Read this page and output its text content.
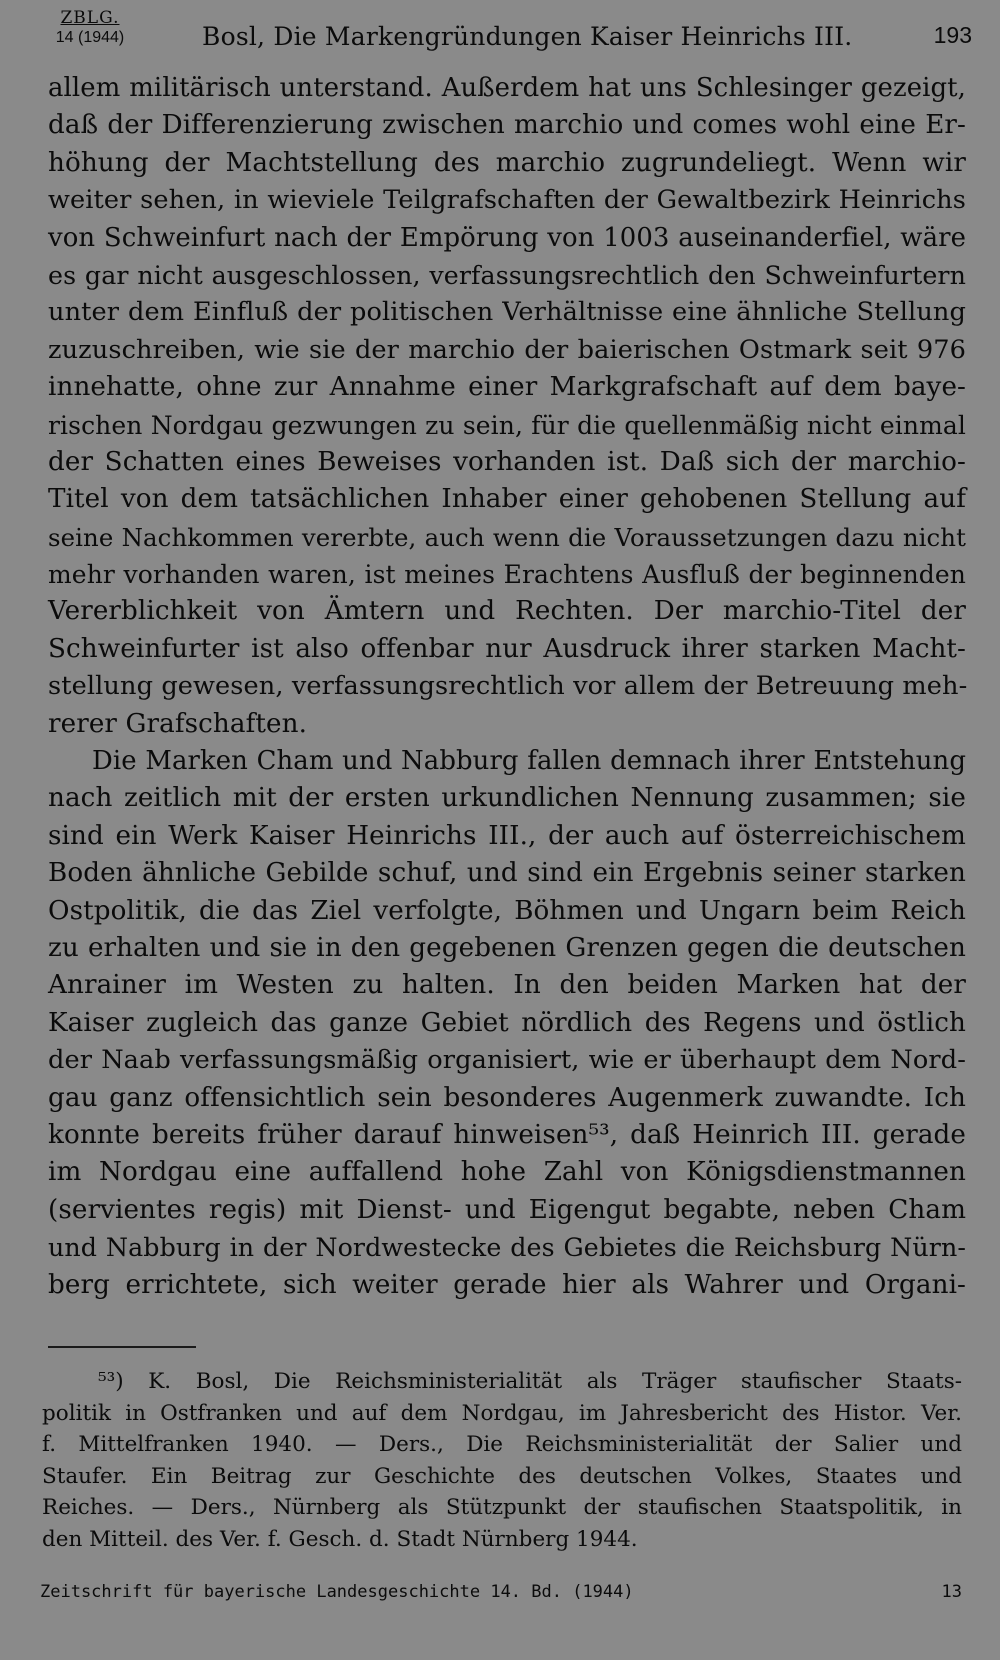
ZBLG.
14 (1944)	Bosl, Die Markengründungen Kaiser Heinrichs III.	193
allem militärisch unterstand. Außerdem hat uns Schlesinger gezeigt,
daß der Differenzierung zwischen marchio und comes wohl eine Er-
höhung der Machtstellung des marchio zugrundeliegt. Wenn wir
weiter sehen, in wieviele Teilgrafschaften der Gewaltbezirk Heinrichs
von Schweinfurt nach der Empörung von 1003 auseinanderfiel, wäre
es gar nicht ausgeschlossen, verfassungsrechtlich den Schweinfurtern
unter dem Einfluß der politischen Verhältnisse eine ähnliche Stellung
zuzuschreiben, wie sie der marchio der baierischen Ostmark seit 976
innehatte, ohne zur Annahme einer Markgrafschaft auf dem baye-
rischen Nordgau gezwungen zu sein, für die quellenmäßig nicht einmal
der Schatten eines Beweises vorhanden ist. Daß sich der marchio-
Titel von dem tatsächlichen Inhaber einer gehobenen Stellung auf
seine Nachkommen vererbte, auch wenn die Voraussetzungen dazu nicht
mehr vorhanden waren, ist meines Erachtens Ausfluß der beginnenden
Vererblichkeit von Ämtern und Rechten. Der marchio-Titel der
Schweinfurter ist also offenbar nur Ausdruck ihrer starken Macht-
stellung gewesen, verfassungsrechtlich vor allem der Betreuung meh-
rerer Grafschaften.
Die Marken Cham und Nabburg fallen demnach ihrer Entstehung
nach zeitlich mit der ersten urkundlichen Nennung zusammen; sie
sind ein Werk Kaiser Heinrichs III., der auch auf österreichischem
Boden ähnliche Gebilde schuf, und sind ein Ergebnis seiner starken
Ostpolitik, die das Ziel verfolgte, Böhmen und Ungarn beim Reich
zu erhalten und sie in den gegebenen Grenzen gegen die deutschen
Anrainer im Westen zu halten. In den beiden Marken hat der
Kaiser zugleich das ganze Gebiet nördlich des Regens und östlich
der Naab verfassungsmäßig organisiert, wie er überhaupt dem Nord-
gau ganz offensichtlich sein besonderes Augenmerk zuwandte. Ich
konnte bereits früher darauf hinweisen⁵³, daß Heinrich III. gerade
im Nordgau eine auffallend hohe Zahl von Königsdienstmannen
(servientes regis) mit Dienst- und Eigengut begabte, neben Cham
und Nabburg in der Nordwestecke des Gebietes die Reichsburg Nürn-
berg errichtete, sich weiter gerade hier als Wahrer und Organi-
⁵³) K. Bosl, Die Reichsministerialität als Träger staufischer Staats-
politik in Ostfranken und auf dem Nordgau, im Jahresbericht des Histor. Ver.
f. Mittelfranken 1940. — Ders., Die Reichsministerialität der Salier und
Staufer. Ein Beitrag zur Geschichte des deutschen Volkes, Staates und
Reiches. — Ders., Nürnberg als Stützpunkt der staufischen Staatspolitik, in
den Mitteil. des Ver. f. Gesch. d. Stadt Nürnberg 1944.
Zeitschrift für bayerische Landesgeschichte 14. Bd. (1944)	13
